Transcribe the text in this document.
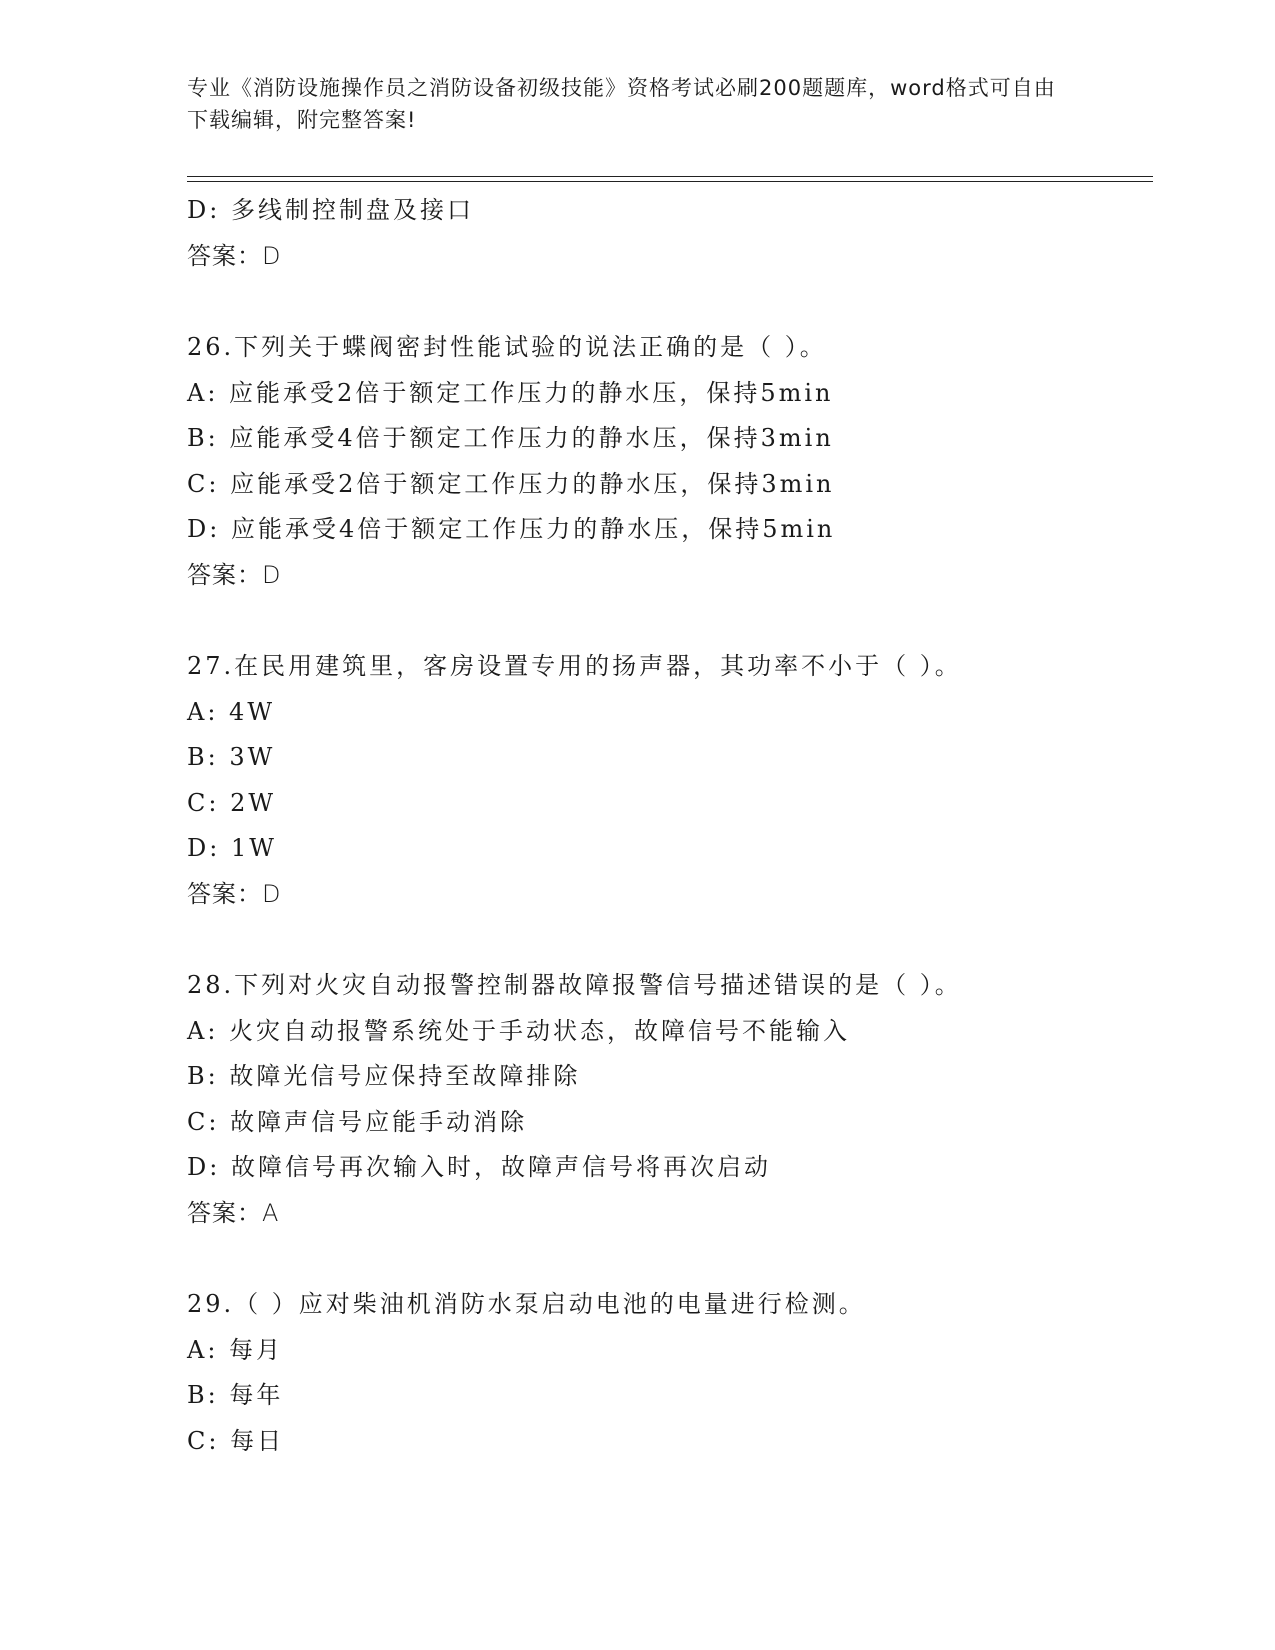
专业《消防设施操作员之消防设备初级技能》资格考试必刷200题题库，word格式可自由下载编辑，附完整答案!
D: 多线制控制盘及接口
答案：D
26.下列关于蝶阀密封性能试验的说法正确的是（ ）。
A: 应能承受2倍于额定工作压力的静水压，保持5min
B: 应能承受4倍于额定工作压力的静水压，保持3min
C: 应能承受2倍于额定工作压力的静水压，保持3min
D: 应能承受4倍于额定工作压力的静水压，保持5min
答案：D
27.在民用建筑里，客房设置专用的扬声器，其功率不小于（ ）。
A: 4W
B: 3W
C: 2W
D: 1W
答案：D
28.下列对火灾自动报警控制器故障报警信号描述错误的是（ ）。
A: 火灾自动报警系统处于手动状态，故障信号不能输入
B: 故障光信号应保持至故障排除
C: 故障声信号应能手动消除
D: 故障信号再次输入时，故障声信号将再次启动
答案：A
29.（ ）应对柴油机消防水泵启动电池的电量进行检测。
A: 每月
B: 每年
C: 每日
